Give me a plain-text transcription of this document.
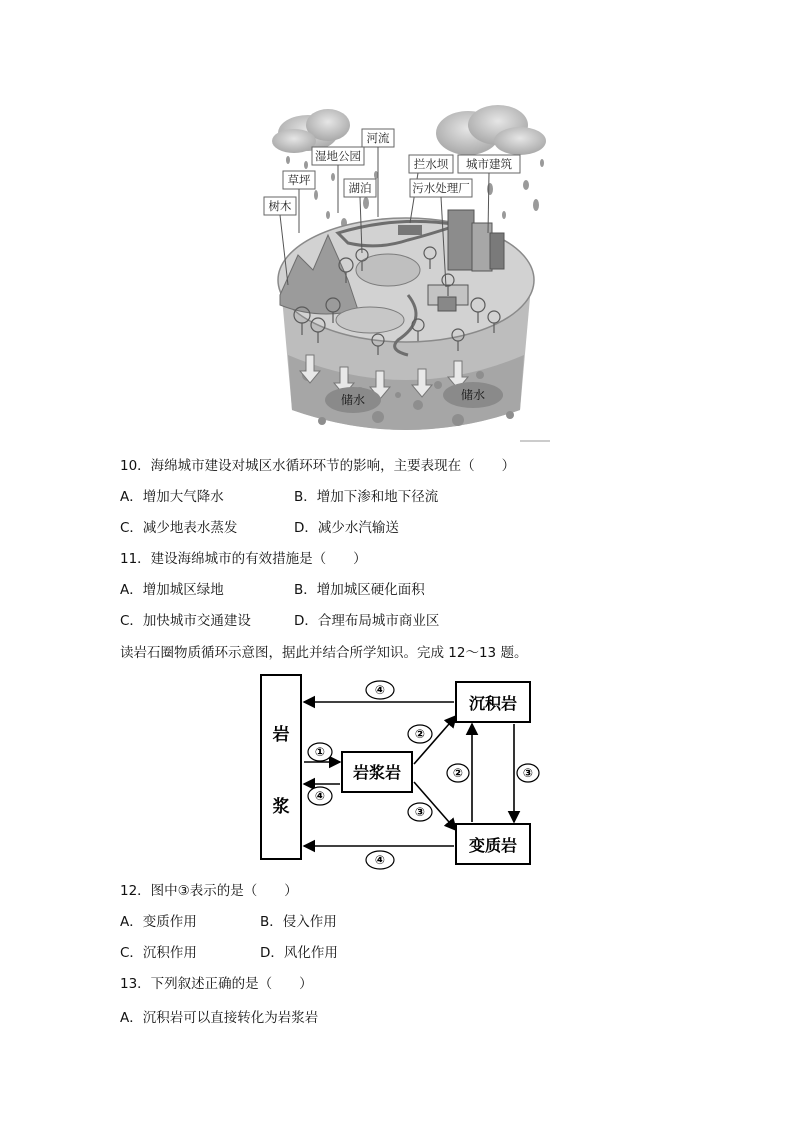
储水	储水
河流
湿地公园
拦水坝 城市建筑
草坪
湖泊	污水处理厂
树木
10．海绵城市建设对城区水循环环节的影响，主要表现在（　　）
A．增加大气降水	B．增加下渗和地下径流
C．减少地表水蒸发	D．减少水汽输送
11．建设海绵城市的有效措施是（　　）
A．增加城区绿地	B．增加城区硬化面积
C．加快城市交通建设	D．合理布局城市商业区
读岩石圈物质循环示意图，据此并结合所学知识。完成 12～13 题。
岩
浆
岩浆岩
沉积岩
变质岩
④
④
①
④
②
③
②	③
12．图中③表示的是（　　）
A．变质作用	B．侵入作用
C．沉积作用	D．风化作用
13．下列叙述正确的是（　　）
A．沉积岩可以直接转化为岩浆岩
